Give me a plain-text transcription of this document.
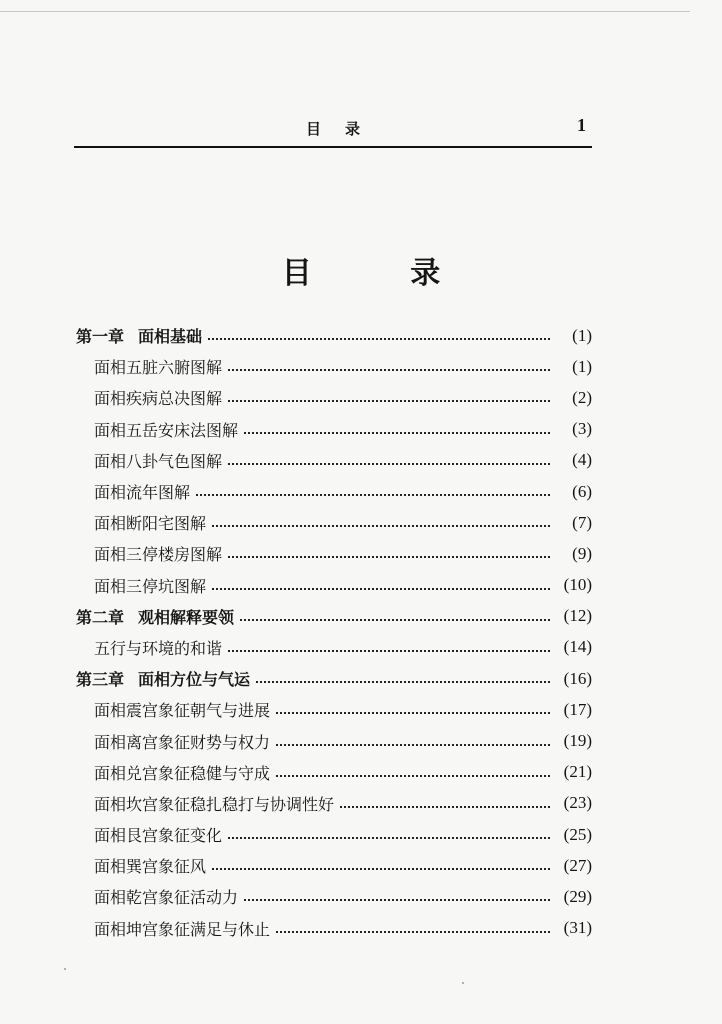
目录	1
目 录
第一章 面相基础	(1)
面相五脏六腑图解	(1)
面相疾病总决图解	(2)
面相五岳安床法图解	(3)
面相八卦气色图解	(4)
面相流年图解	(6)
面相断阳宅图解	(7)
面相三停楼房图解	(9)
面相三停坑图解	(10)
第二章 观相解释要领	(12)
五行与环境的和谐	(14)
第三章 面相方位与气运	(16)
面相震宫象征朝气与进展	(17)
面相离宫象征财势与权力	(19)
面相兑宫象征稳健与守成	(21)
面相坎宫象征稳扎稳打与协调性好	(23)
面相艮宫象征变化	(25)
面相巽宫象征风	(27)
面相乾宫象征活动力	(29)
面相坤宫象征满足与休止	(31)
